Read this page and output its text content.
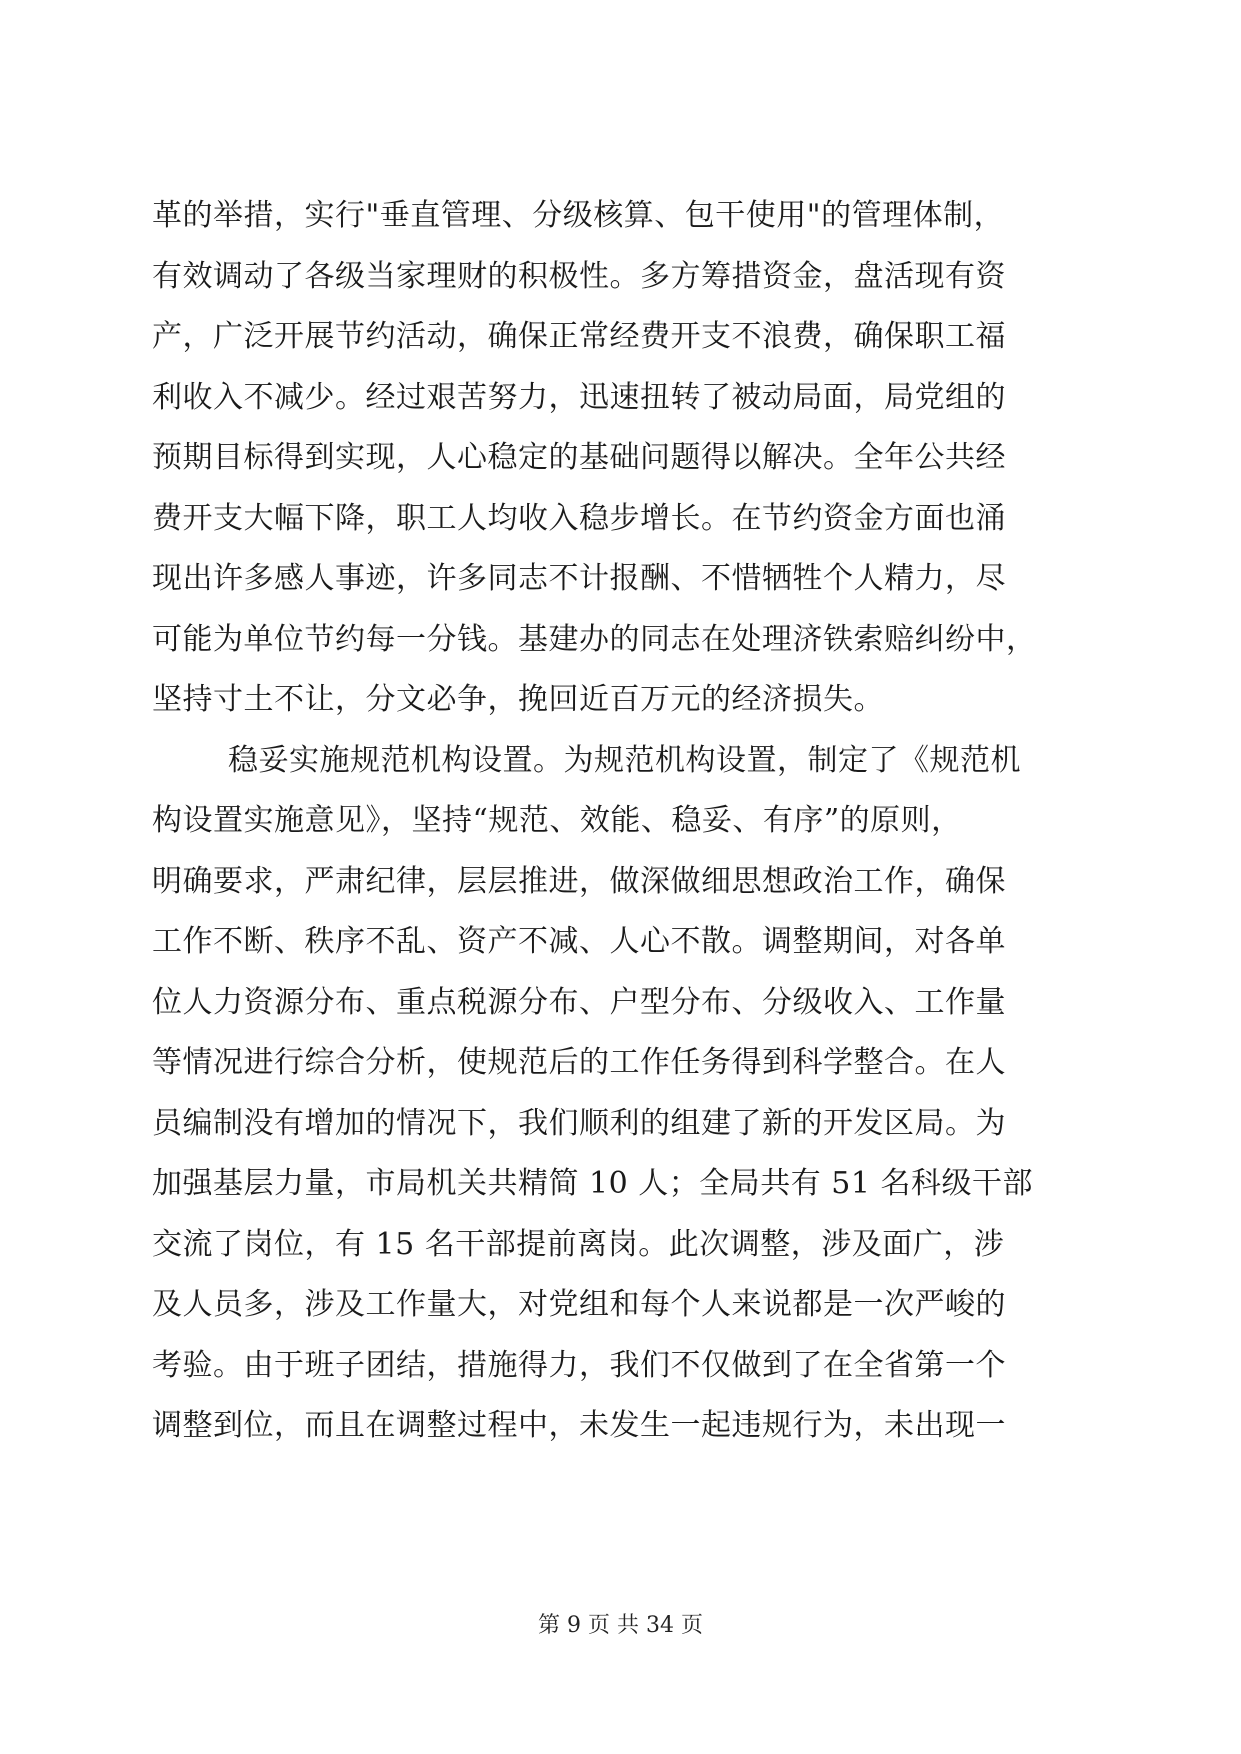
革的举措，实行"垂直管理、分级核算、包干使用"的管理体制，
有效调动了各级当家理财的积极性。多方筹措资金，盘活现有资
产，广泛开展节约活动，确保正常经费开支不浪费，确保职工福
利收入不减少。经过艰苦努力，迅速扭转了被动局面，局党组的
预期目标得到实现，人心稳定的基础问题得以解决。全年公共经
费开支大幅下降，职工人均收入稳步增长。在节约资金方面也涌
现出许多感人事迹，许多同志不计报酬、不惜牺牲个人精力，尽
可能为单位节约每一分钱。基建办的同志在处理济铁索赔纠纷中，
坚持寸土不让，分文必争，挽回近百万元的经济损失。
稳妥实施规范机构设置。为规范机构设置，制定了《规范机
构设置实施意见》，坚持“规范、效能、稳妥、有序”的原则，
明确要求，严肃纪律，层层推进，做深做细思想政治工作，确保
工作不断、秩序不乱、资产不减、人心不散。调整期间，对各单
位人力资源分布、重点税源分布、户型分布、分级收入、工作量
等情况进行综合分析，使规范后的工作任务得到科学整合。在人
员编制没有增加的情况下，我们顺利的组建了新的开发区局。为
加强基层力量，市局机关共精简 10 人；全局共有 51 名科级干部
交流了岗位，有 15 名干部提前离岗。此次调整，涉及面广，涉
及人员多，涉及工作量大，对党组和每个人来说都是一次严峻的
考验。由于班子团结，措施得力，我们不仅做到了在全省第一个
调整到位，而且在调整过程中，未发生一起违规行为，未出现一
第 9 页 共 34 页
